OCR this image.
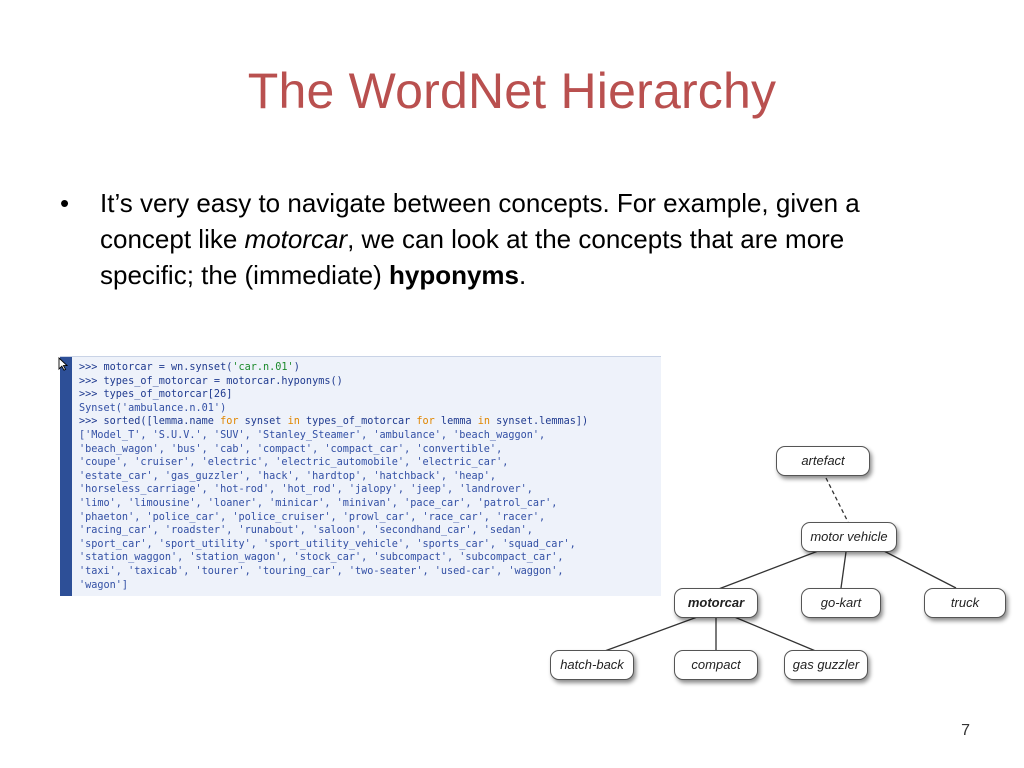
The WordNet Hierarchy
• It’s very easy to navigate between concepts. For example, given a concept like motorcar, we can look at the concepts that are more specific; the (immediate) hyponyms.
>>> motorcar = wn.synset('car.n.01')
>>> types_of_motorcar = motorcar.hyponyms()
>>> types_of_motorcar[26]
Synset('ambulance.n.01')
>>> sorted([lemma.name for synset in types_of_motorcar for lemma in synset.lemmas])
['Model_T', 'S.U.V.', 'SUV', 'Stanley_Steamer', 'ambulance', 'beach_waggon',
'beach_wagon', 'bus', 'cab', 'compact', 'compact_car', 'convertible',
'coupe', 'cruiser', 'electric', 'electric_automobile', 'electric_car',
'estate_car', 'gas_guzzler', 'hack', 'hardtop', 'hatchback', 'heap',
'horseless_carriage', 'hot-rod', 'hot_rod', 'jalopy', 'jeep', 'landrover',
'limo', 'limousine', 'loaner', 'minicar', 'minivan', 'pace_car', 'patrol_car',
'phaeton', 'police_car', 'police_cruiser', 'prowl_car', 'race_car', 'racer',
'racing_car', 'roadster', 'runabout', 'saloon', 'secondhand_car', 'sedan',
'sport_car', 'sport_utility', 'sport_utility_vehicle', 'sports_car', 'squad_car',
'station_waggon', 'station_wagon', 'stock_car', 'subcompact', 'subcompact_car',
'taxi', 'taxicab', 'tourer', 'touring_car', 'two-seater', 'used-car', 'waggon',
'wagon']
artefact
motor vehicle
motorcar	go-kart	truck
hatch-back	compact	gas guzzler
7
